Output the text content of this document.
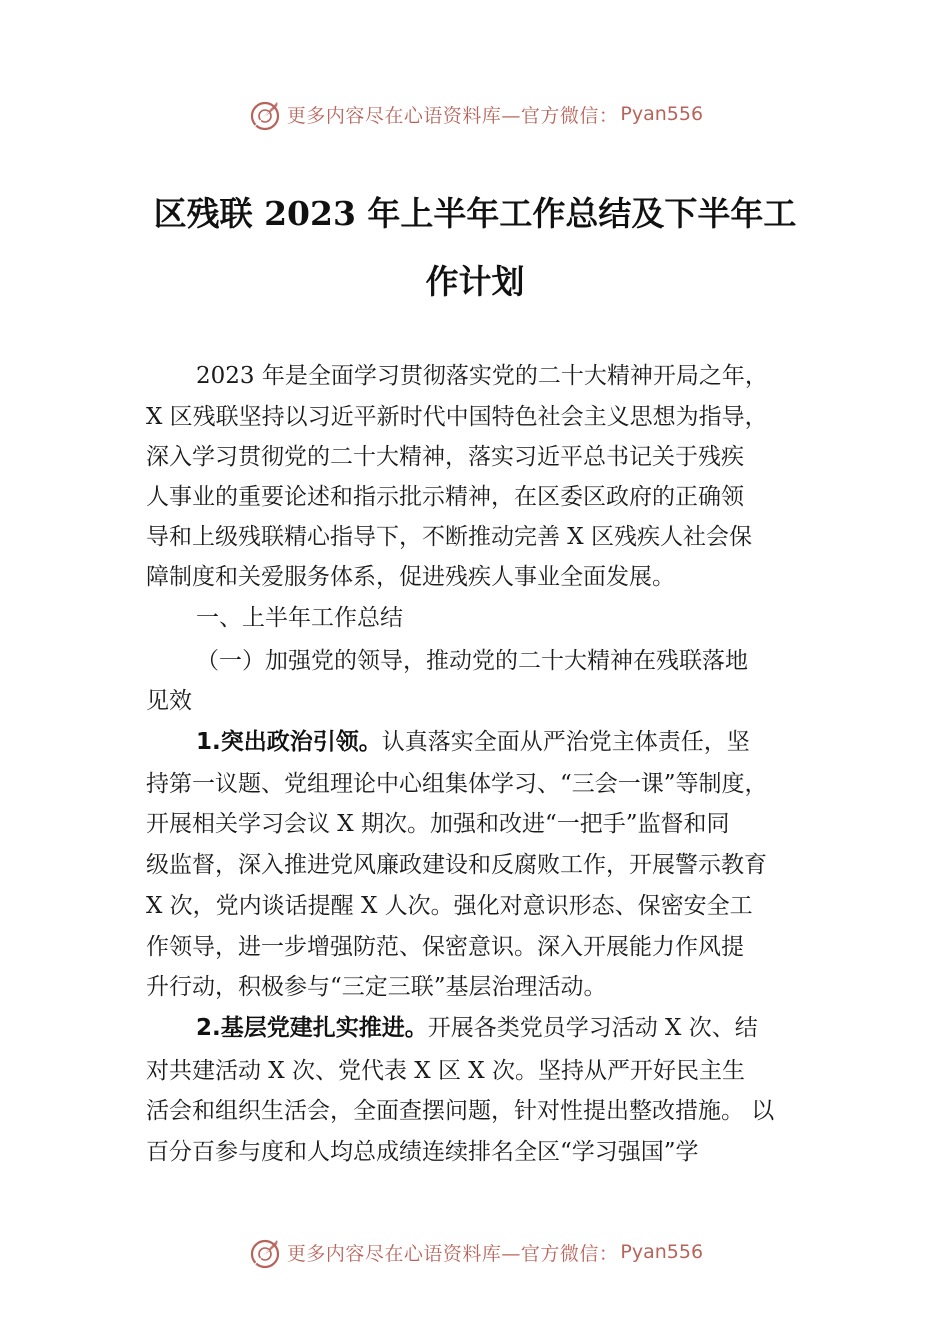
更多内容尽在心语资料库—官方微信： Pyan556
区残联 2023 年上半年工作总结及下半年工
作计划
2023 年是全面学习贯彻落实党的二十大精神开局之年，
X 区残联坚持以习近平新时代中国特色社会主义思想为指导，
深入学习贯彻党的二十大精神，落实习近平总书记关于残疾
人事业的重要论述和指示批示精神，在区委区政府的正确领
导和上级残联精心指导下，不断推动完善 X 区残疾人社会保
障制度和关爱服务体系，促进残疾人事业全面发展。
一、上半年工作总结
（一）加强党的领导，推动党的二十大精神在残联落地
见效
1.突出政治引领。认真落实全面从严治党主体责任，坚
持第一议题、党组理论中心组集体学习、“三会一课”等制度，
开展相关学习会议 X 期次。加强和改进“一把手”监督和同
级监督，深入推进党风廉政建设和反腐败工作，开展警示教育
X 次，党内谈话提醒 X 人次。强化对意识形态、保密安全工
作领导，进一步增强防范、保密意识。深入开展能力作风提
升行动，积极参与“三定三联”基层治理活动。
2.基层党建扎实推进。开展各类党员学习活动 X 次、结
对共建活动 X 次、党代表 X 区 X 次。坚持从严开好民主生
活会和组织生活会，全面查摆问题，针对性提出整改措施。 以
百分百参与度和人均总成绩连续排名全区“学习强国”学
更多内容尽在心语资料库—官方微信： Pyan556
